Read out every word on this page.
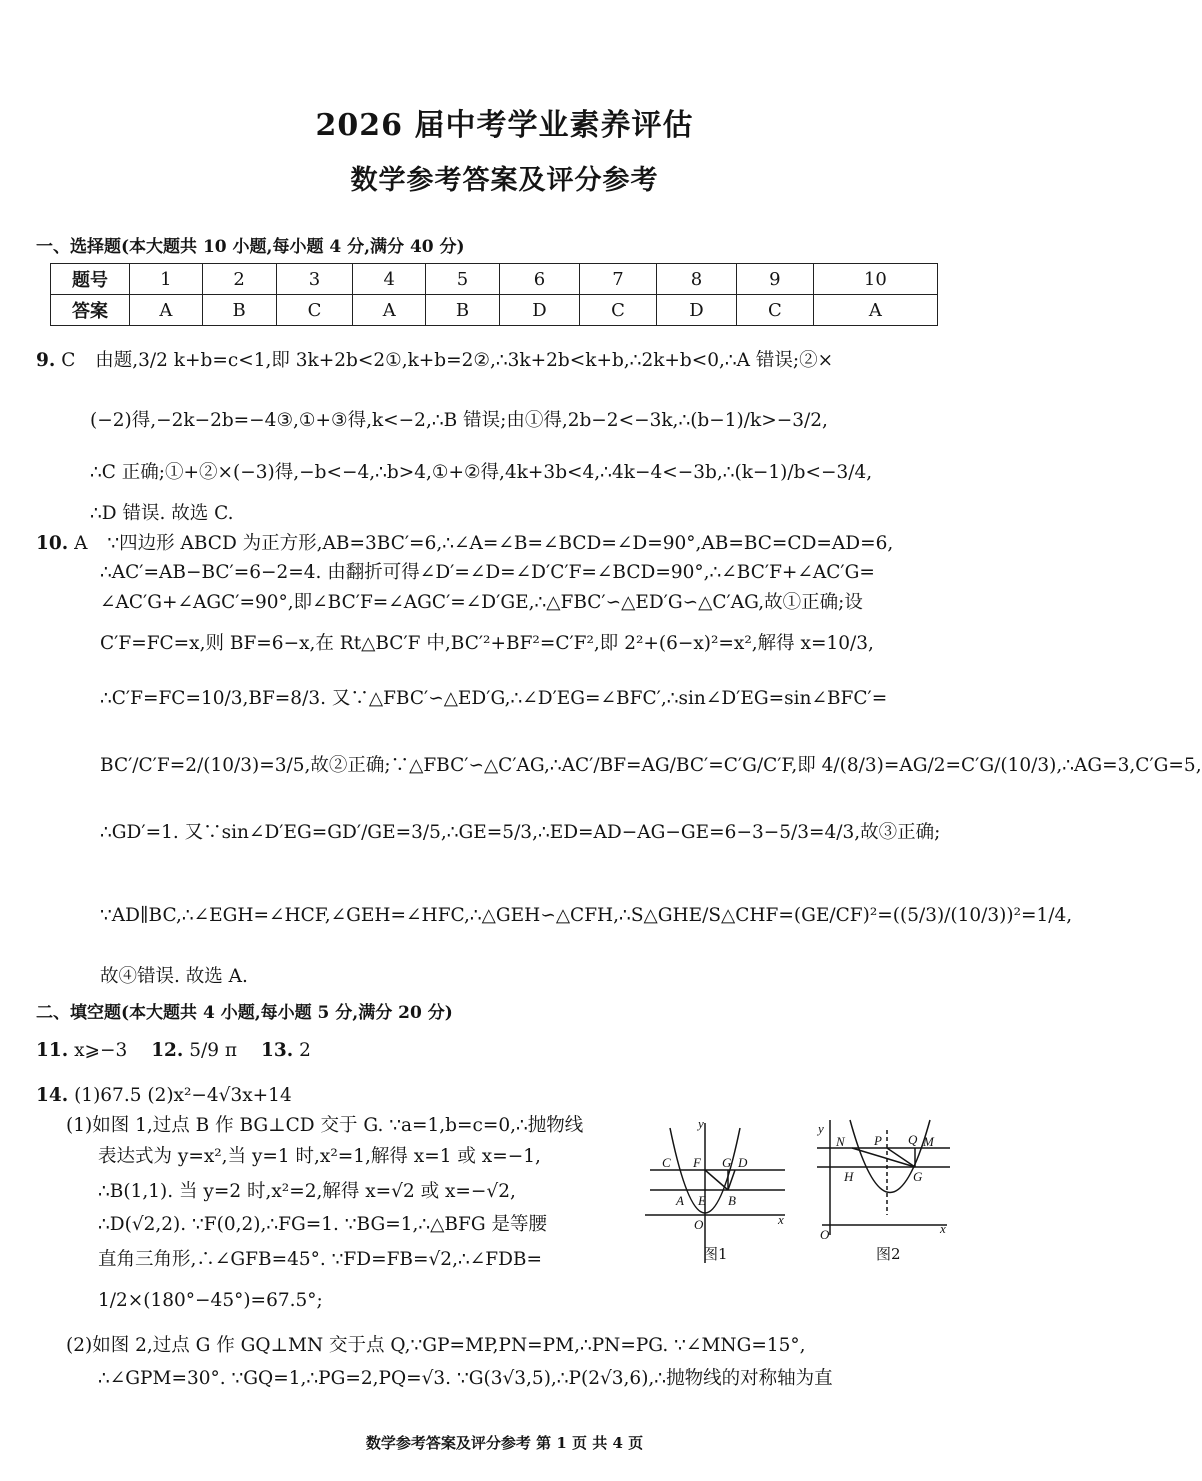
2026 届中考学业素养评估
数学参考答案及评分参考
一、选择题(本大题共 10 小题,每小题 4 分,满分 40 分)
题号	1	2	3	4	5	6	7	8	9	10
答案	A	B	C	A	B	D	C	D	C	A
9. C 由题,3/2 k+b=c<1,即 3k+2b<2①,k+b=2②,∴3k+2b<k+b,∴2k+b<0,∴A 错误;②×
(−2)得,−2k−2b=−4③,①+③得,k<−2,∴B 错误;由①得,2b−2<−3k,∴(b−1)/k>−3/2,
∴C 正确;①+②×(−3)得,−b<−4,∴b>4,①+②得,4k+3b<4,∴4k−4<−3b,∴(k−1)/b<−3/4,
∴D 错误. 故选 C.
10. A ∵四边形 ABCD 为正方形,AB=3BC′=6,∴∠A=∠B=∠BCD=∠D=90°,AB=BC=CD=AD=6,
∴AC′=AB−BC′=6−2=4. 由翻折可得∠D′=∠D=∠D′C′F=∠BCD=90°,∴∠BC′F+∠AC′G=
∠AC′G+∠AGC′=90°,即∠BC′F=∠AGC′=∠D′GE,∴△FBC′∽△ED′G∽△C′AG,故①正确;设
C′F=FC=x,则 BF=6−x,在 Rt△BC′F 中,BC′²+BF²=C′F²,即 2²+(6−x)²=x²,解得 x=10/3,
∴C′F=FC=10/3,BF=8/3. 又∵△FBC′∽△ED′G,∴∠D′EG=∠BFC′,∴sin∠D′EG=sin∠BFC′=
BC′/C′F=2/(10/3)=3/5,故②正确;∵△FBC′∽△C′AG,∴AC′/BF=AG/BC′=C′G/C′F,即 4/(8/3)=AG/2=C′G/(10/3),∴AG=3,C′G=5,
∴GD′=1. 又∵sin∠D′EG=GD′/GE=3/5,∴GE=5/3,∴ED=AD−AG−GE=6−3−5/3=4/3,故③正确;
∵AD∥BC,∴∠EGH=∠HCF,∠GEH=∠HFC,∴△GEH∽△CFH,∴S△GHE/S△CHF=(GE/CF)²=((5/3)/(10/3))²=1/4,
故④错误. 故选 A.
二、填空题(本大题共 4 小题,每小题 5 分,满分 20 分)
11. x⩾−3 12. 5/9 π 13. 2
14. (1)67.5 (2)x²−4√3x+14
(1)如图 1,过点 B 作 BG⊥CD 交于 G. ∵a=1,b=c=0,∴抛物线
表达式为 y=x²,当 y=1 时,x²=1,解得 x=1 或 x=−1,
∴B(1,1). 当 y=2 时,x²=2,解得 x=√2 或 x=−√2,
∴D(√2,2). ∵F(0,2),∴FG=1. ∵BG=1,∴△BFG 是等腰
直角三角形,∴∠GFB=45°. ∵FD=FB=√2,∴∠FDB=
1/2×(180°−45°)=67.5°;
(2)如图 2,过点 G 作 GQ⊥MN 交于点 Q,∵GP=MP,PN=PM,∴PN=PG. ∵∠MNG=15°,
∴∠GPM=30°. ∵GQ=1,∴PG=2,PQ=√3. ∵G(3√3,5),∴P(2√3,6),∴抛物线的对称轴为直
y
C F G D
A E B
O	x
图1
y
N P Q M
H	G
O	x
图2
数学参考答案及评分参考 第 1 页 共 4 页
